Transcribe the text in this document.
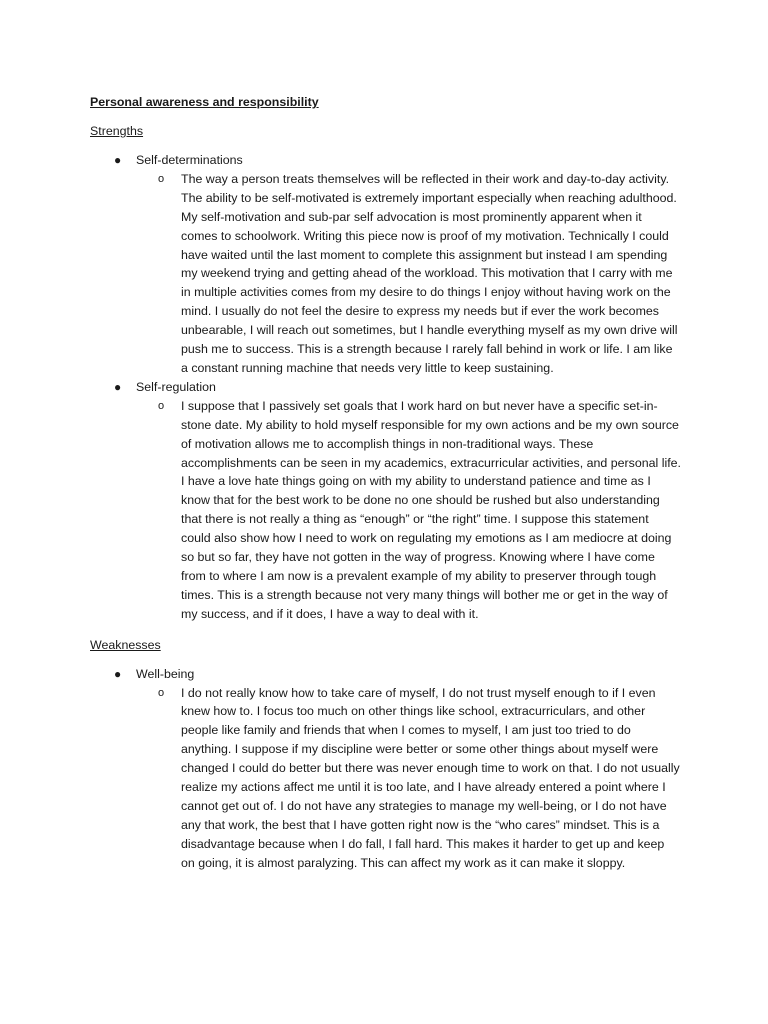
Personal awareness and responsibility
Strengths
● Self-determinations
o The way a person treats themselves will be reflected in their work and day-to-day activity. The ability to be self-motivated is extremely important especially when reaching adulthood. My self-motivation and sub-par self advocation is most prominently apparent when it comes to schoolwork. Writing this piece now is proof of my motivation. Technically I could have waited until the last moment to complete this assignment but instead I am spending my weekend trying and getting ahead of the workload. This motivation that I carry with me in multiple activities comes from my desire to do things I enjoy without having work on the mind. I usually do not feel the desire to express my needs but if ever the work becomes unbearable, I will reach out sometimes, but I handle everything myself as my own drive will push me to success. This is a strength because I rarely fall behind in work or life. I am like a constant running machine that needs very little to keep sustaining.
● Self-regulation
o I suppose that I passively set goals that I work hard on but never have a specific set-in-stone date. My ability to hold myself responsible for my own actions and be my own source of motivation allows me to accomplish things in non-traditional ways. These accomplishments can be seen in my academics, extracurricular activities, and personal life. I have a love hate things going on with my ability to understand patience and time as I know that for the best work to be done no one should be rushed but also understanding that there is not really a thing as “enough” or “the right” time. I suppose this statement could also show how I need to work on regulating my emotions as I am mediocre at doing so but so far, they have not gotten in the way of progress. Knowing where I have come from to where I am now is a prevalent example of my ability to preserver through tough times. This is a strength because not very many things will bother me or get in the way of my success, and if it does, I have a way to deal with it.
Weaknesses
● Well-being
o I do not really know how to take care of myself, I do not trust myself enough to if I even knew how to. I focus too much on other things like school, extracurriculars, and other people like family and friends that when I comes to myself, I am just too tried to do anything. I suppose if my discipline were better or some other things about myself were changed I could do better but there was never enough time to work on that. I do not usually realize my actions affect me until it is too late, and I have already entered a point where I cannot get out of. I do not have any strategies to manage my well-being, or I do not have any that work, the best that I have gotten right now is the “who cares” mindset. This is a disadvantage because when I do fall, I fall hard. This makes it harder to get up and keep on going, it is almost paralyzing. This can affect my work as it can make it sloppy.
